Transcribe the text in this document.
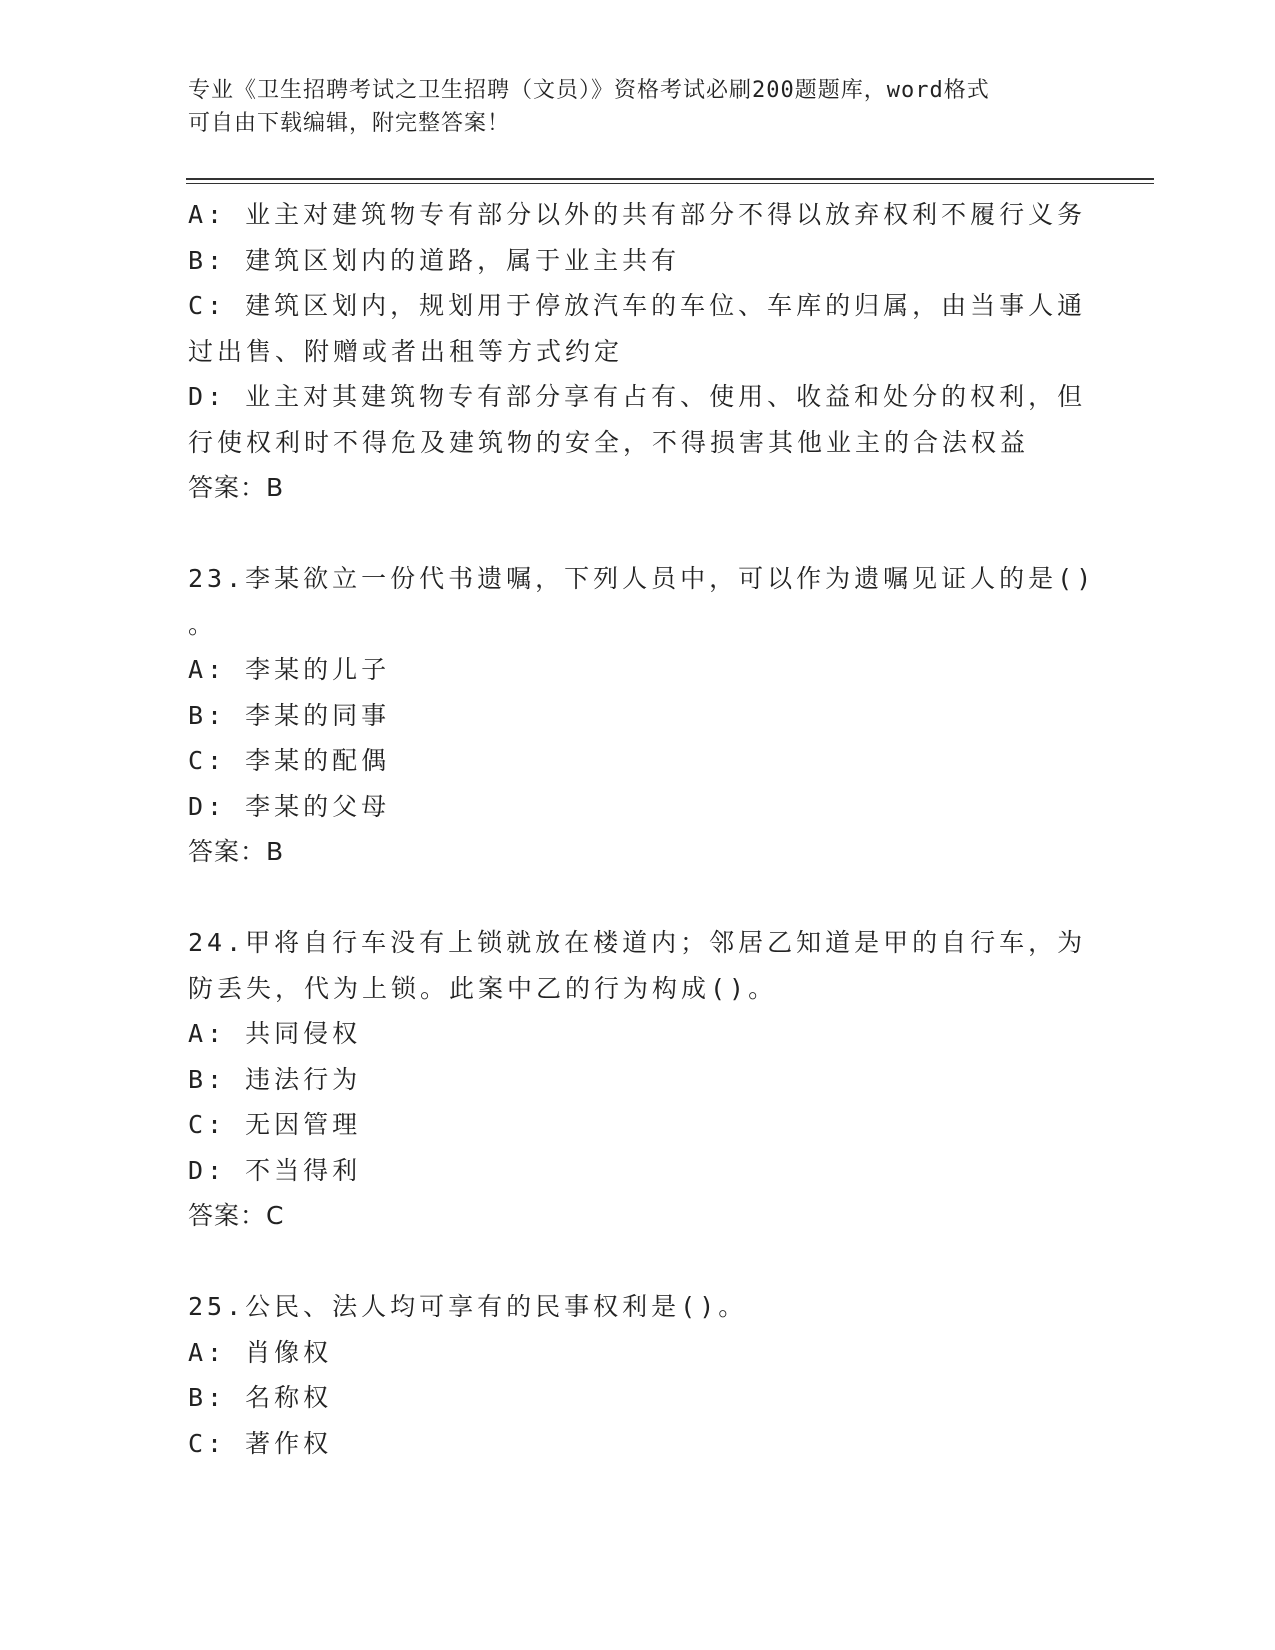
专业《卫生招聘考试之卫生招聘（文员）》资格考试必刷200题题库，word格式
可自由下载编辑，附完整答案！
A: 业主对建筑物专有部分以外的共有部分不得以放弃权利不履行义务
B: 建筑区划内的道路，属于业主共有
C: 建筑区划内，规划用于停放汽车的车位、车库的归属，由当事人通
过出售、附赠或者出租等方式约定
D: 业主对其建筑物专有部分享有占有、使用、收益和处分的权利，但
行使权利时不得危及建筑物的安全，不得损害其他业主的合法权益
答案：B
23.李某欲立一份代书遗嘱，下列人员中，可以作为遗嘱见证人的是()
。
A: 李某的儿子
B: 李某的同事
C: 李某的配偶
D: 李某的父母
答案：B
24.甲将自行车没有上锁就放在楼道内；邻居乙知道是甲的自行车，为
防丢失，代为上锁。此案中乙的行为构成()。
A: 共同侵权
B: 违法行为
C: 无因管理
D: 不当得利
答案：C
25.公民、法人均可享有的民事权利是()。
A: 肖像权
B: 名称权
C: 著作权
